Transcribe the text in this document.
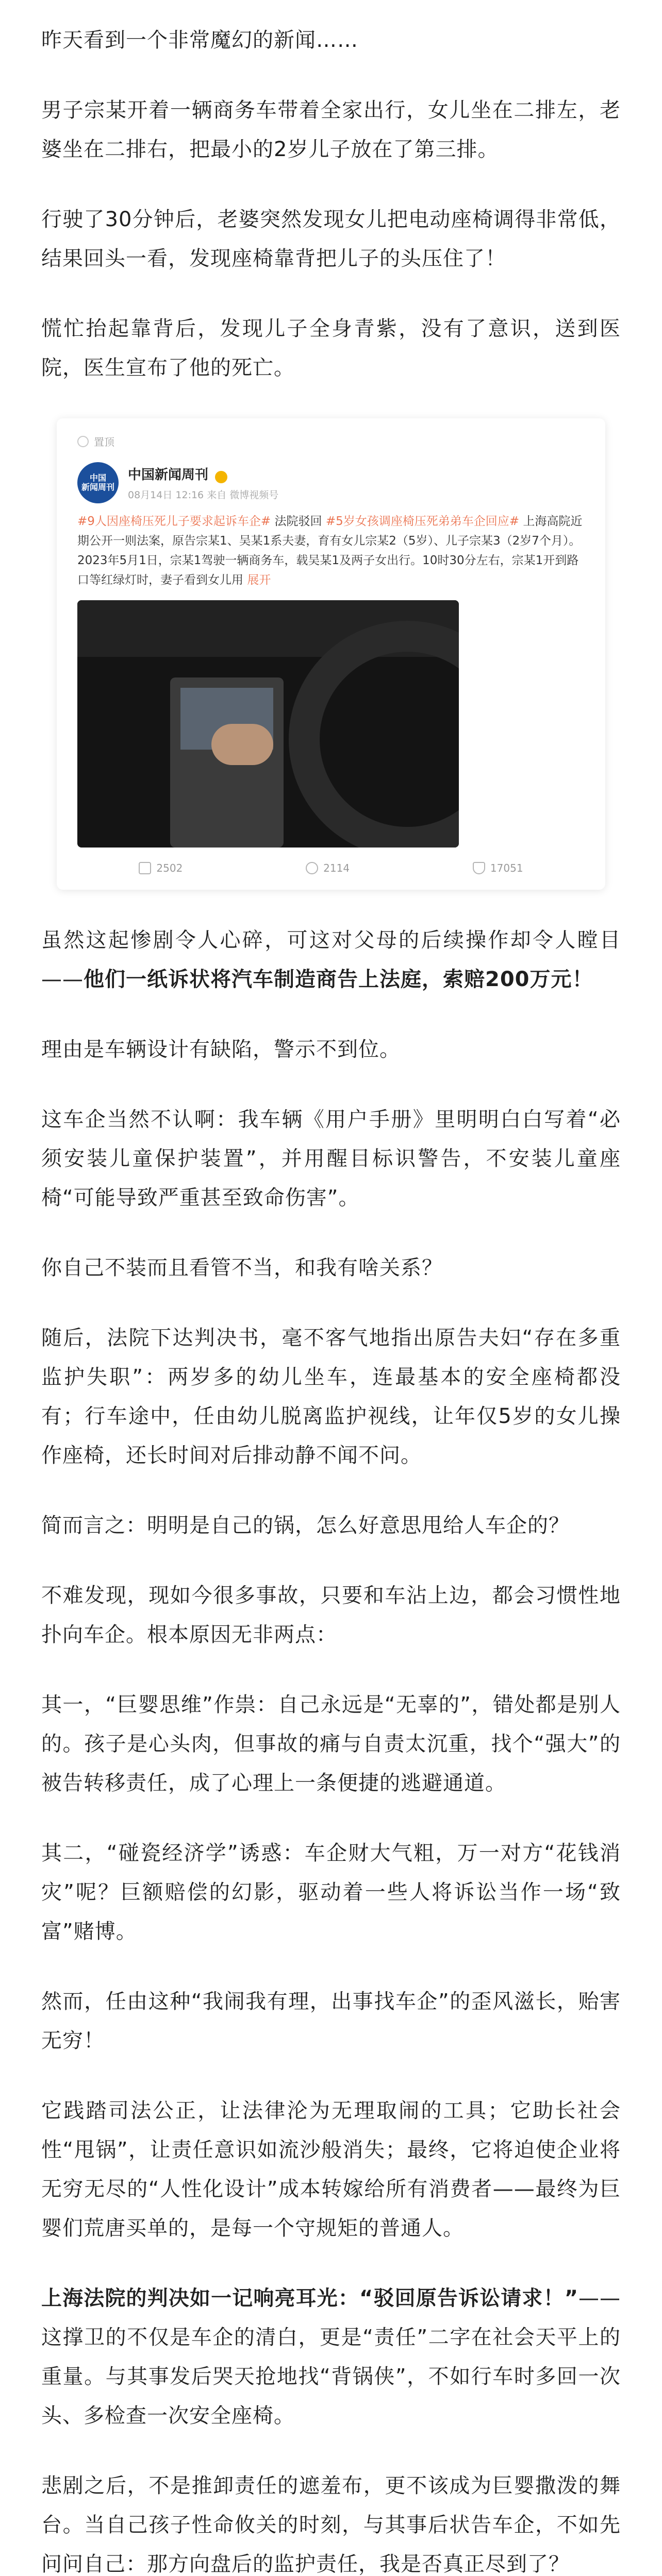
昨天看到一个非常魔幻的新闻……

男子宗某开着一辆商务车带着全家出行，女儿坐在二排左，老婆坐在二排右，把最小的2岁儿子放在了第三排。

行驶了30分钟后，老婆突然发现女儿把电动座椅调得非常低，结果回头一看，发现座椅靠背把儿子的头压住了！

慌忙抬起靠背后，发现儿子全身青紫，没有了意识，送到医院，医生宣布了他的死亡。

置顶
中国
新闻周刊
中国新闻周刊
08月14日 12:16 来自 微博视频号
#9人因座椅压死儿子要求起诉车企# 法院驳回 #5岁女孩调座椅压死弟弟车企回应# 上海高院近期公开一则法案，原告宗某1、吴某1系夫妻，育有女儿宗某2（5岁）、儿子宗某3（2岁7个月）。2023年5月1日，宗某1驾驶一辆商务车，载吴某1及两子女出行。10时30分左右，宗某1开到路口等红绿灯时，妻子看到女儿用 展开
2502	2114	17051

虽然这起惨剧令人心碎，可这对父母的后续操作却令人瞠目——他们一纸诉状将汽车制造商告上法庭，索赔200万元！

理由是车辆设计有缺陷，警示不到位。

这车企当然不认啊：我车辆《用户手册》里明明白白写着“必须安装儿童保护装置”，并用醒目标识警告，不安装儿童座椅“可能导致严重甚至致命伤害”。

你自己不装而且看管不当，和我有啥关系？

随后，法院下达判决书，毫不客气地指出原告夫妇“存在多重监护失职”：两岁多的幼儿坐车，连最基本的安全座椅都没有；行车途中，任由幼儿脱离监护视线，让年仅5岁的女儿操作座椅，还长时间对后排动静不闻不问。

简而言之：明明是自己的锅，怎么好意思甩给人车企的？

不难发现，现如今很多事故，只要和车沾上边，都会习惯性地扑向车企。根本原因无非两点：

其一，“巨婴思维”作祟：自己永远是“无辜的”，错处都是别人的。孩子是心头肉，但事故的痛与自责太沉重，找个“强大”的被告转移责任，成了心理上一条便捷的逃避通道。

其二，“碰瓷经济学”诱惑：车企财大气粗，万一对方“花钱消灾”呢？巨额赔偿的幻影，驱动着一些人将诉讼当作一场“致富”赌博。

然而，任由这种“我闹我有理，出事找车企”的歪风滋长，贻害无穷！

它践踏司法公正，让法律沦为无理取闹的工具；它助长社会性“甩锅”，让责任意识如流沙般消失；最终，它将迫使企业将无穷无尽的“人性化设计”成本转嫁给所有消费者——最终为巨婴们荒唐买单的，是每一个守规矩的普通人。

上海法院的判决如一记响亮耳光：“驳回原告诉讼请求！”——这撑卫的不仅是车企的清白，更是“责任”二字在社会天平上的重量。与其事发后哭天抢地找“背锅侠”，不如行车时多回一次头、多检查一次安全座椅。

悲剧之后，不是推卸责任的遮羞布，更不该成为巨婴撒泼的舞台。当自己孩子性命攸关的时刻，与其事后状告车企，不如先问问自己：那方向盘后的监护责任，我是否真正尽到了？
